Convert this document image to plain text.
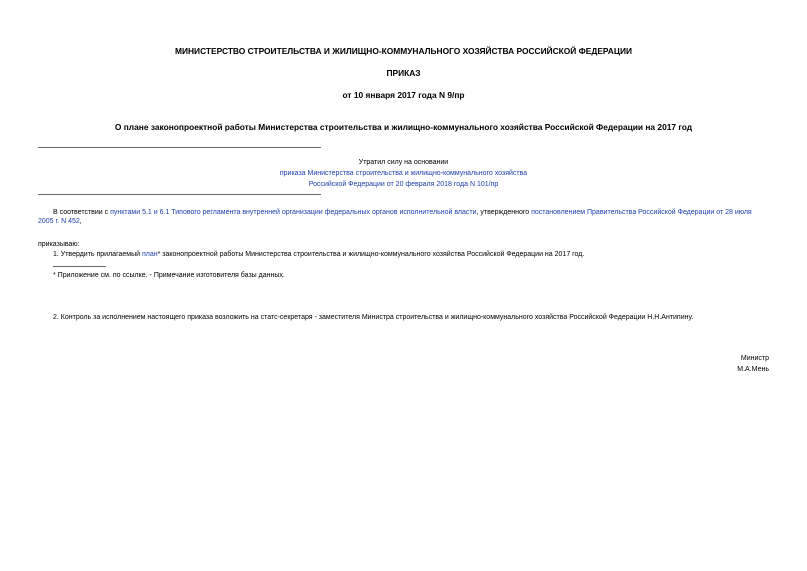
МИНИСТЕРСТВО СТРОИТЕЛЬСТВА И ЖИЛИЩНО-КОММУНАЛЬНОГО ХОЗЯЙСТВА РОССИЙСКОЙ ФЕДЕРАЦИИ
ПРИКАЗ
от 10 января 2017 года N 9/пр
О плане законопроектной работы Министерства строительства и жилищно-коммунального хозяйства Российской Федерации на 2017 год
Утратил силу на основании
приказа Министерства строительства и жилищно-коммунального хозяйства
Российской Федерации от 20 февраля 2018 года N 101/пр
В соответствии с пунктами 5.1 и 6.1 Типового регламента внутренней организации федеральных органов исполнительной власти, утвержденного постановлением Правительства Российской Федерации от 28 июля
2005 г. N 452,
приказываю:
1. Утвердить прилагаемый план* законопроектной работы Министерства строительства и жилищно-коммунального хозяйства Российской Федерации на 2017 год.
* Приложение см. по ссылке. - Примечание изготовителя базы данных.
2. Контроль за исполнением настоящего приказа возложить на статс-секретаря - заместителя Министра строительства и жилищно-коммунального хозяйства Российской Федерации Н.Н.Антипину.
Министр
М.А.Мень
